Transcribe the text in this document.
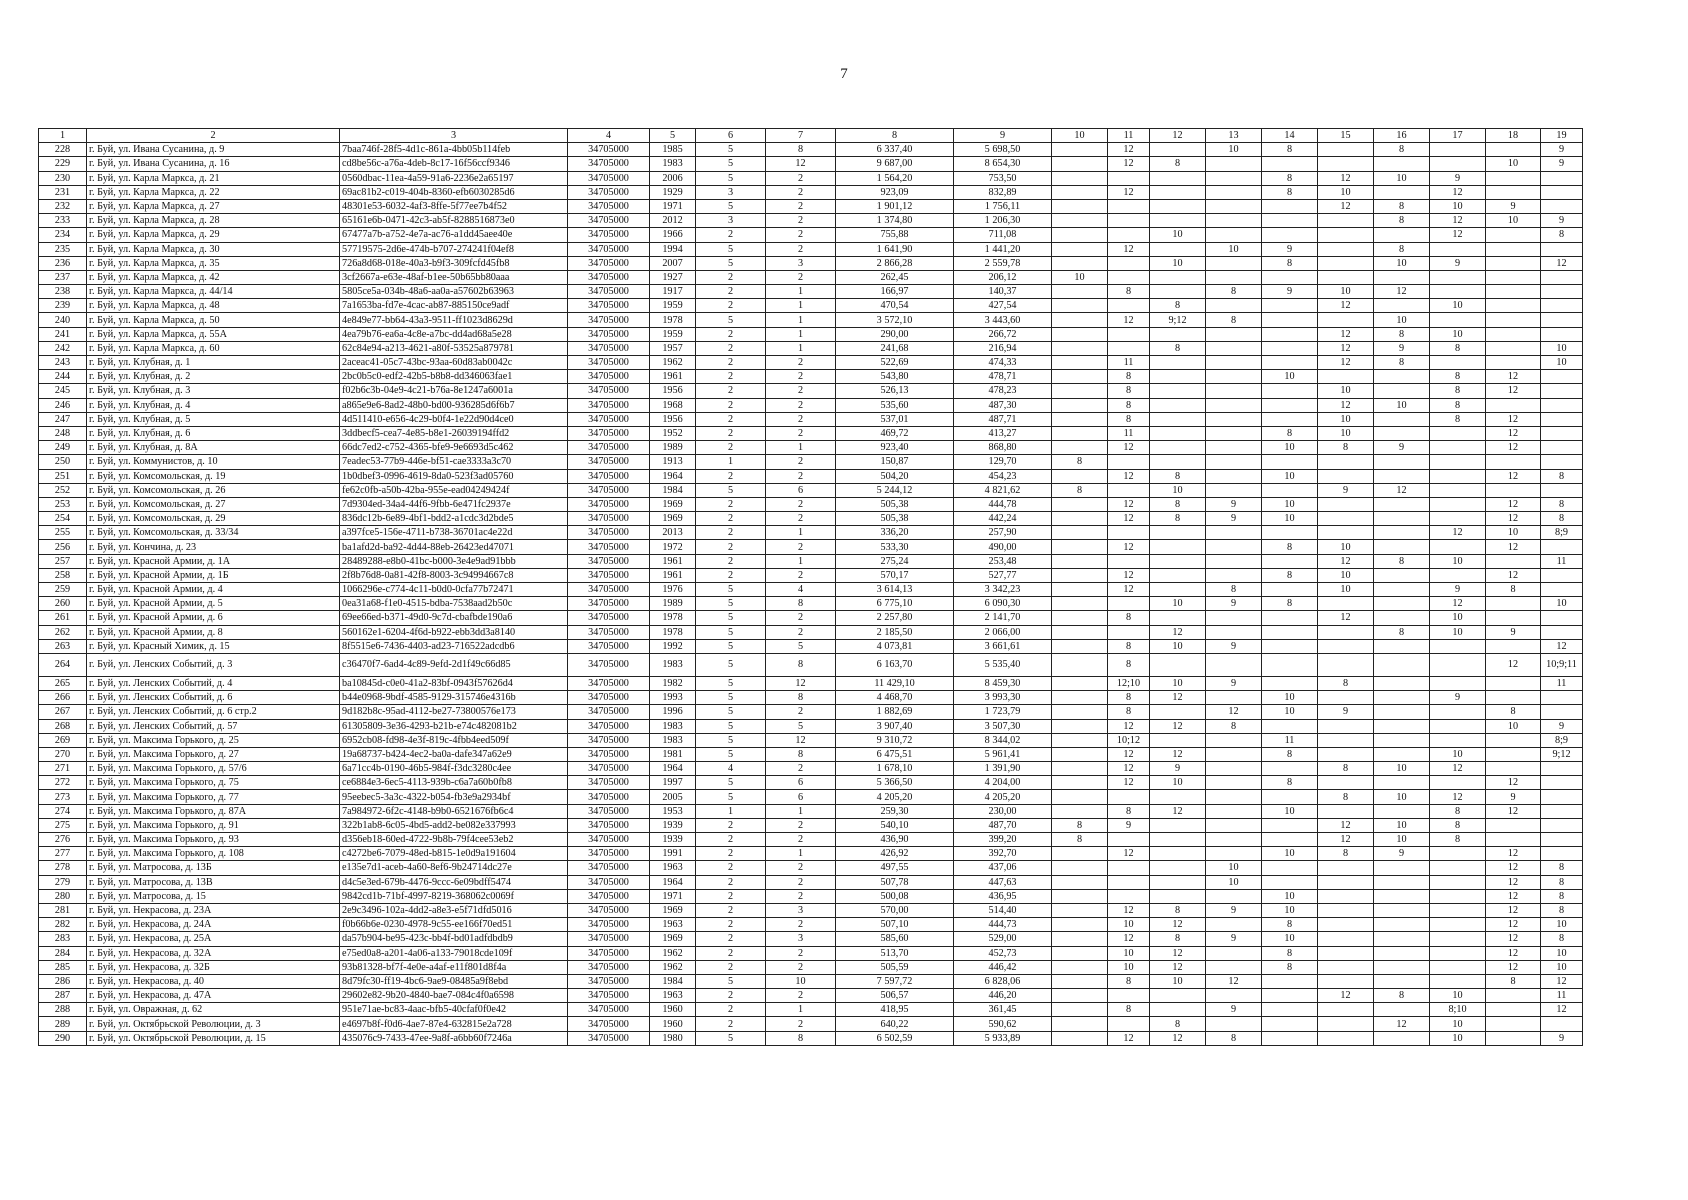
7
1	2	3	4	5	6	7	8	9	10	11	12	13	14	15	16	17	18	19
228	г. Буй, ул. Ивана Сусанина, д. 9	7baa746f-28f5-4d1c-861a-4bb05b114feb	34705000	1985	5	8	6 337,40	5 698,50		12		10	8		8			9
229	г. Буй, ул. Ивана Сусанина, д. 16	cd8be56c-a76a-4deb-8c17-16f56ccf9346	34705000	1983	5	12	9 687,00	8 654,30		12	8						10	9
230	г. Буй, ул. Карла Маркса, д. 21	0560dbac-11ea-4a59-91a6-2236e2a65197	34705000	2006	5	2	1 564,20	753,50					8	12	10	9		
231	г. Буй, ул. Карла Маркса, д. 22	69ac81b2-c019-404b-8360-efb6030285d6	34705000	1929	3	2	923,09	832,89		12			8	10		12		
232	г. Буй, ул. Карла Маркса, д. 27	48301e53-6032-4af3-8ffe-5f77ee7b4f52	34705000	1971	5	2	1 901,12	1 756,11						12	8	10	9	
233	г. Буй, ул. Карла Маркса, д. 28	65161e6b-0471-42c3-ab5f-8288516873e0	34705000	2012	3	2	1 374,80	1 206,30							8	12	10	9
234	г. Буй, ул. Карла Маркса, д. 29	67477a7b-a752-4e7a-ac76-a1dd45aee40e	34705000	1966	2	2	755,88	711,08			10					12		8
235	г. Буй, ул. Карла Маркса, д. 30	57719575-2d6e-474b-b707-274241f04ef8	34705000	1994	5	2	1 641,90	1 441,20		12		10	9		8			
236	г. Буй, ул. Карла Маркса, д. 35	726a8d68-018e-40a3-b9f3-309fcfd45fb8	34705000	2007	5	3	2 866,28	2 559,78			10		8		10	9		12
237	г. Буй, ул. Карла Маркса, д. 42	3cf2667a-e63e-48af-b1ee-50b65bb80aaa	34705000	1927	2	2	262,45	206,12	10									
238	г. Буй, ул. Карла Маркса, д. 44/14	5805ce5a-034b-48a6-aa0a-a57602b63963	34705000	1917	2	1	166,97	140,37		8		8	9	10	12			
239	г. Буй, ул. Карла Маркса, д. 48	7a1653ba-fd7e-4cac-ab87-885150ce9adf	34705000	1959	2	1	470,54	427,54			8			12		10		
240	г. Буй, ул. Карла Маркса, д. 50	4e849e77-bb64-43a3-9511-ff1023d8629d	34705000	1978	5	1	3 572,10	3 443,60		12	9;12	8			10			
241	г. Буй, ул. Карла Маркса, д. 55А	4ea79b76-ea6a-4c8e-a7bc-dd4ad68a5e28	34705000	1959	2	1	290,00	266,72						12	8	10		
242	г. Буй, ул. Карла Маркса, д. 60	62c84e94-a213-4621-a80f-53525a879781	34705000	1957	2	1	241,68	216,94			8			12	9	8		10
243	г. Буй, ул. Клубная, д. 1	2aceac41-05c7-43bc-93aa-60d83ab0042c	34705000	1962	2	2	522,69	474,33		11				12	8			10
244	г. Буй, ул. Клубная, д. 2	2bc0b5c0-edf2-42b5-b8b8-dd346063fae1	34705000	1961	2	2	543,80	478,71		8			10			8	12	
245	г. Буй, ул. Клубная, д. 3	f02b6c3b-04e9-4c21-b76a-8e1247a6001a	34705000	1956	2	2	526,13	478,23		8				10		8	12	
246	г. Буй, ул. Клубная, д. 4	a865e9e6-8ad2-48b0-bd00-936285d6f6b7	34705000	1968	2	2	535,60	487,30		8				12	10	8		
247	г. Буй, ул. Клубная, д. 5	4d511410-e656-4c29-b0f4-1e22d90d4ce0	34705000	1956	2	2	537,01	487,71		8				10		8	12	
248	г. Буй, ул. Клубная, д. 6	3ddbecf5-cea7-4e85-b8e1-26039194ffd2	34705000	1952	2	2	469,72	413,27		11			8	10			12	
249	г. Буй, ул. Клубная, д. 8А	66dc7ed2-c752-4365-bfe9-9e6693d5c462	34705000	1989	2	1	923,40	868,80		12			10	8	9		12	
250	г. Буй, ул. Коммунистов, д. 10	7eadec53-77b9-446e-bf51-cae3333a3c70	34705000	1913	1	2	150,87	129,70	8									
251	г. Буй, ул. Комсомольская, д. 19	1b0dbef3-0996-4619-8da0-523f3ad05760	34705000	1964	2	2	504,20	454,23		12	8		10				12	8
252	г. Буй, ул. Комсомольская, д. 26	fe62c0fb-a50b-42ba-955e-ead04249424f	34705000	1984	5	6	5 244,12	4 821,62	8		10			9	12			
253	г. Буй, ул. Комсомольская, д. 27	7d9304ed-34a4-44f6-9fbb-6e471fc2937e	34705000	1969	2	2	505,38	444,78		12	8	9	10				12	8
254	г. Буй, ул. Комсомольская, д. 29	836dc12b-6e89-4bf1-bdd2-a1cdc3d2bde5	34705000	1969	2	2	505,38	442,24		12	8	9	10				12	8
255	г. Буй, ул. Комсомольская, д. 33/34	a397fce5-156e-4711-b738-36701ac4e22d	34705000	2013	2	1	336,20	257,90								12	10	8;9
256	г. Буй, ул. Кончина, д. 23	ba1afd2d-ba92-4d44-88eb-26423ed47071	34705000	1972	2	2	533,30	490,00		12			8	10			12	
257	г. Буй, ул. Красной Армии, д. 1А	28489288-e8b0-41bc-b000-3e4e9ad91bbb	34705000	1961	2	1	275,24	253,48						12	8	10		11
258	г. Буй, ул. Красной Армии, д. 1Б	2f8b76d8-0a81-42f8-8003-3c94994667c8	34705000	1961	2	2	570,17	527,77		12			8	10			12	
259	г. Буй, ул. Красной Армии, д. 4	1066296e-c774-4c11-b0d0-0cfa77b72471	34705000	1976	5	4	3 614,13	3 342,23		12		8		10		9	8	
260	г. Буй, ул. Красной Армии, д. 5	0ea31a68-f1e0-4515-bdba-7538aad2b50c	34705000	1989	5	8	6 775,10	6 090,30			10	9	8			12		10
261	г. Буй, ул. Красной Армии, д. 6	69ee66ed-b371-49d0-9c7d-cbafbde190a6	34705000	1978	5	2	2 257,80	2 141,70		8				12		10		
262	г. Буй, ул. Красной Армии, д. 8	560162e1-6204-4f6d-b922-ebb3dd3a8140	34705000	1978	5	2	2 185,50	2 066,00			12				8	10	9	
263	г. Буй, ул. Красный Химик, д. 15	8f5515e6-7436-4403-ad23-716522adcdb6	34705000	1992	5	5	4 073,81	3 661,61		8	10	9						12
264	г. Буй, ул. Ленских Событий, д. 3	c36470f7-6ad4-4c89-9efd-2d1f49c66d85	34705000	1983	5	8	6 163,70	5 535,40		8							12	10;9;11
265	г. Буй, ул. Ленских Событий, д. 4	ba10845d-c0e0-41a2-83bf-0943f57626d4	34705000	1982	5	12	11 429,10	8 459,30		12;10	10	9		8				11
266	г. Буй, ул. Ленских Событий, д. 6	b44e0968-9bdf-4585-9129-315746e4316b	34705000	1993	5	8	4 468,70	3 993,30		8	12		10			9		
267	г. Буй, ул. Ленских Событий, д. 6 стр.2	9d182b8c-95ad-4112-be27-73800576e173	34705000	1996	5	2	1 882,69	1 723,79		8		12	10	9			8	
268	г. Буй, ул. Ленских Событий, д. 57	61305809-3e36-4293-b21b-e74c482081b2	34705000	1983	5	5	3 907,40	3 507,30		12	12	8					10	9
269	г. Буй, ул. Максима Горького, д. 25	6952cb08-fd98-4e3f-819c-4fbb4eed509f	34705000	1983	5	12	9 310,72	8 344,02		10;12			11					8;9
270	г. Буй, ул. Максима Горького, д. 27	19a68737-b424-4ec2-ba0a-dafe347a62e9	34705000	1981	5	8	6 475,51	5 961,41		12	12		8			10		9;12
271	г. Буй, ул. Максима Горького, д. 57/6	6a71cc4b-0190-46b5-984f-f3dc3280c4ee	34705000	1964	4	2	1 678,10	1 391,90		12	9			8	10	12		
272	г. Буй, ул. Максима Горького, д. 75	ce6884e3-6ec5-4113-939b-c6a7a60b0fb8	34705000	1997	5	6	5 366,50	4 204,00		12	10		8				12	
273	г. Буй, ул. Максима Горького, д. 77	95eebec5-3a3c-4322-b054-fb3e9a2934bf	34705000	2005	5	6	4 205,20	4 205,20						8	10	12	9	
274	г. Буй, ул. Максима Горького, д. 87А	7a984972-6f2c-4148-b9b0-6521676fb6c4	34705000	1953	1	1	259,30	230,00		8	12		10			8	12	
275	г. Буй, ул. Максима Горького, д. 91	322b1ab8-6c05-4bd5-add2-be082e337993	34705000	1939	2	2	540,10	487,70	8	9				12	10	8		
276	г. Буй, ул. Максима Горького, д. 93	d356eb18-60ed-4722-9b8b-79f4cee53eb2	34705000	1939	2	2	436,90	399,20	8					12	10	8		
277	г. Буй, ул. Максима Горького, д. 108	c4272be6-7079-48ed-b815-1e0d9a191604	34705000	1991	2	1	426,92	392,70		12			10	8	9		12	
278	г. Буй, ул. Матросова, д. 13Б	e135e7d1-aceb-4a60-8ef6-9b24714dc27e	34705000	1963	2	2	497,55	437,06				10					12	8
279	г. Буй, ул. Матросова, д. 13В	d4c5e3ed-679b-4476-9ccc-6e09bdff5474	34705000	1964	2	2	507,78	447,63				10					12	8
280	г. Буй, ул. Матросова, д. 15	9842cd1b-71bf-4997-8219-368062c0069f	34705000	1971	2	2	500,08	436,95					10				12	8
281	г. Буй, ул. Некрасова, д. 23А	2e9c3496-102a-4dd2-a8e3-e5f71dfd5016	34705000	1969	2	3	570,00	514,40		12	8	9	10				12	8
282	г. Буй, ул. Некрасова, д. 24А	f0b66b6e-0230-4978-9c55-ee166f70ed51	34705000	1963	2	2	507,10	444,73		10	12		8				12	10
283	г. Буй, ул. Некрасова, д. 25А	da57b904-be95-423c-bb4f-bd01adfdbdb9	34705000	1969	2	3	585,60	529,00		12	8	9	10				12	8
284	г. Буй, ул. Некрасова, д. 32А	e75ed0a8-a201-4a06-a133-79018cde109f	34705000	1962	2	2	513,70	452,73		10	12		8				12	10
285	г. Буй, ул. Некрасова, д. 32Б	93b81328-bf7f-4e0e-a4af-e11f801d8f4a	34705000	1962	2	2	505,59	446,42		10	12		8				12	10
286	г. Буй, ул. Некрасова, д. 40	8d79fc30-ff19-4bc6-9ae9-08485a9f8ebd	34705000	1984	5	10	7 597,72	6 828,06		8	10	12					8	12
287	г. Буй, ул. Некрасова, д. 47А	29602e82-9b20-4840-bae7-084c4f0a6598	34705000	1963	2	2	506,57	446,20						12	8	10		11
288	г. Буй, ул. Овражная, д. 62	951e71ae-bc83-4aac-bfb5-40cfaf0f0e42	34705000	1960	2	1	418,95	361,45		8		9				8;10		12
289	г. Буй, ул. Октябрьской Революции, д. 3	e4697b8f-f0d6-4ae7-87e4-632815e2a728	34705000	1960	2	2	640,22	590,62			8				12	10		
290	г. Буй, ул. Октябрьской Революции, д. 15	435076c9-7433-47ee-9a8f-a6bb60f7246a	34705000	1980	5	8	6 502,59	5 933,89		12	12	8				10		9
